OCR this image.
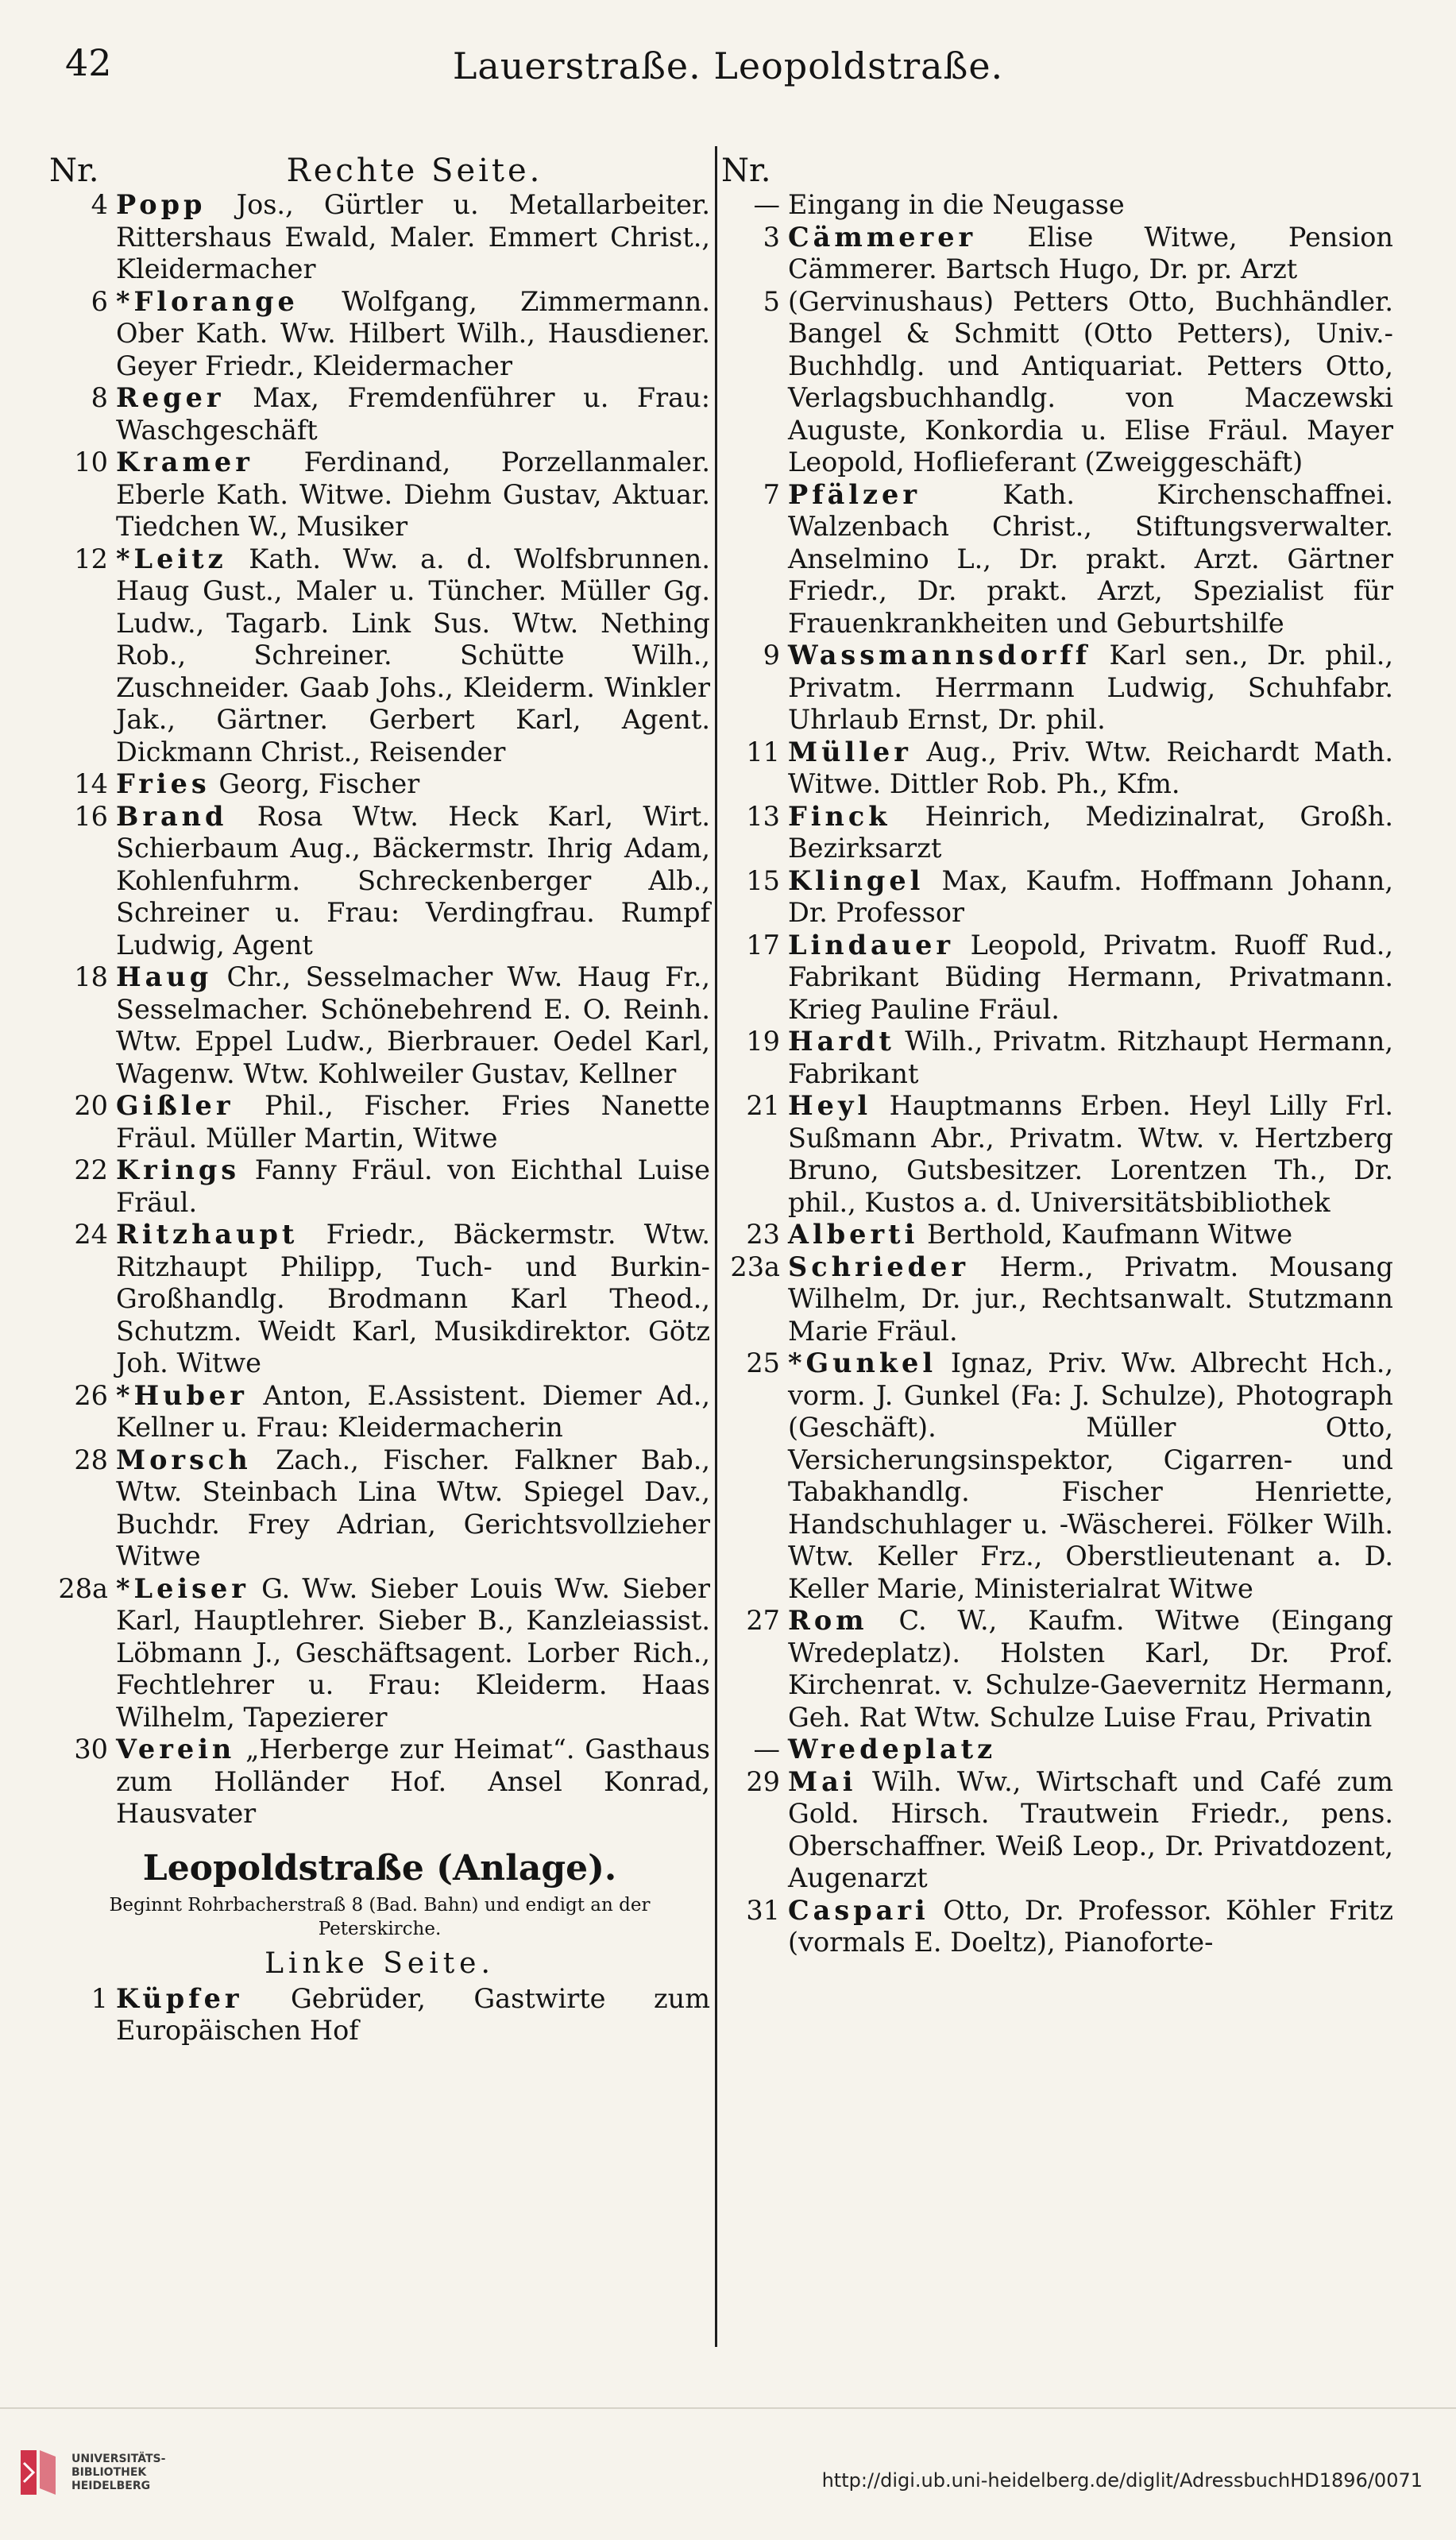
42	Lauerstraße. Leopoldstraße.
Nr.	Rechte Seite.
4 Popp Jos., Gürtler u. Metallarbeiter. Rittershaus Ewald, Maler. Emmert Christ., Kleidermacher
6 *Florange Wolfgang, Zimmermann. Ober Kath. Ww. Hilbert Wilh., Hausdiener. Geyer Friedr., Kleidermacher
8 Reger Max, Fremdenführer u. Frau: Waschgeschäft
10 Kramer Ferdinand, Porzellanmaler. Eberle Kath. Witwe. Diehm Gustav, Aktuar. Tiedchen W., Musiker
12 *Leitz Kath. Ww. a. d. Wolfsbrunnen. Haug Gust., Maler u. Tüncher. Müller Gg. Ludw., Tagarb. Link Sus. Wtw. Nething Rob., Schreiner. Schütte Wilh., Zuschneider. Gaab Johs., Kleiderm. Winkler Jak., Gärtner. Gerbert Karl, Agent. Dickmann Christ., Reisender
14 Fries Georg, Fischer
16 Brand Rosa Wtw. Heck Karl, Wirt. Schierbaum Aug., Bäckermstr. Ihrig Adam, Kohlenfuhrm. Schreckenberger Alb., Schreiner u. Frau: Verdingfrau. Rumpf Ludwig, Agent
18 Haug Chr., Sesselmacher Ww. Haug Fr., Sesselmacher. Schönebehrend E. O. Reinh. Wtw. Eppel Ludw., Bierbrauer. Oedel Karl, Wagenw. Wtw. Kohlweiler Gustav, Kellner
20 Gißler Phil., Fischer. Fries Nanette Fräul. Müller Martin, Witwe
22 Krings Fanny Fräul. von Eichthal Luise Fräul.
24 Ritzhaupt Friedr., Bäckermstr. Wtw. Ritzhaupt Philipp, Tuch- und Burkin-Großhandlg. Brodmann Karl Theod., Schutzm. Weidt Karl, Musikdirektor. Götz Joh. Witwe
26 *Huber Anton, E.Assistent. Diemer Ad., Kellner u. Frau: Kleidermacherin
28 Morsch Zach., Fischer. Falkner Bab., Wtw. Steinbach Lina Wtw. Spiegel Dav., Buchdr. Frey Adrian, Gerichtsvollzieher Witwe
28a *Leiser G. Ww. Sieber Louis Ww. Sieber Karl, Hauptlehrer. Sieber B., Kanzleiassist. Löbmann J., Geschäftsagent. Lorber Rich., Fechtlehrer u. Frau: Kleiderm. Haas Wilhelm, Tapezierer
30 Verein „Herberge zur Heimat“. Gasthaus zum Holländer Hof. Ansel Konrad, Hausvater
Leopoldstraße (Anlage).
Beginnt Rohrbacherstraß 8 (Bad. Bahn) und endigt an der Peterskirche.
Linke Seite.
1 Küpfer Gebrüder, Gastwirte zum Europäischen Hof
Nr.
— Eingang in die Neugasse
3 Cämmerer Elise Witwe, Pension Cämmerer. Bartsch Hugo, Dr. pr. Arzt
5 (Gervinushaus) Petters Otto, Buchhändler. Bangel & Schmitt (Otto Petters), Univ.-Buchhdlg. und Antiquariat. Petters Otto, Verlagsbuchhandlg. von Maczewski Auguste, Konkordia u. Elise Fräul. Mayer Leopold, Hoflieferant (Zweiggeschäft)
7 Pfälzer	Kath. Kirchenschaffnei. Walzenbach Christ., Stiftungsverwalter. Anselmino L., Dr. prakt. Arzt. Gärtner Friedr., Dr. prakt. Arzt, Spezialist für Frauenkrankheiten und Geburtshilfe
9 Wassmannsdorff Karl sen., Dr. phil., Privatm. Herrmann Ludwig, Schuhfabr. Uhrlaub Ernst, Dr. phil.
11 Müller Aug., Priv. Wtw. Reichardt Math. Witwe. Dittler Rob. Ph., Kfm.
13 Finck Heinrich, Medizinalrat, Großh. Bezirksarzt
15 Klingel Max, Kaufm. Hoffmann Johann, Dr. Professor
17 Lindauer Leopold, Privatm. Ruoff Rud., Fabrikant Büding Hermann, Privatmann. Krieg Pauline Fräul.
19 Hardt Wilh., Privatm. Ritzhaupt Hermann, Fabrikant
21 Heyl Hauptmanns Erben. Heyl Lilly Frl. Sußmann Abr., Privatm. Wtw. v. Hertzberg Bruno, Gutsbesitzer. Lorentzen Th., Dr. phil., Kustos a. d. Universitätsbibliothek
23 Alberti Berthold, Kaufmann Witwe
23a Schrieder Herm., Privatm. Mousang Wilhelm, Dr. jur., Rechtsanwalt. Stutzmann Marie Fräul.
25 *Gunkel Ignaz, Priv. Ww. Albrecht Hch., vorm. J. Gunkel (Fa: J. Schulze), Photograph (Geschäft). Müller Otto, Versicherungsinspektor, Cigarren- und Tabakhandlg. Fischer Henriette, Handschuhlager u. -Wäscherei. Fölker Wilh. Wtw. Keller Frz., Oberstlieutenant a. D. Keller Marie, Ministerialrat Witwe
27 Rom C. W., Kaufm. Witwe (Eingang Wredeplatz). Holsten Karl, Dr. Prof. Kirchenrat. v. Schulze-Gaevernitz Hermann, Geh. Rat Wtw. Schulze Luise Frau, Privatin
— Wredeplatz
29 Mai Wilh. Ww., Wirtschaft und Café zum Gold. Hirsch. Trautwein Friedr., pens. Oberschaffner. Weiß Leop., Dr. Privatdozent, Augenarzt
31 Caspari Otto, Dr. Professor. Köhler Fritz (vormals E. Doeltz), Pianoforte-
UNIVERSITÄTS-
BIBLIOTHEK
HEIDELBERG	http://digi.ub.uni-heidelberg.de/diglit/AdressbuchHD1896/0071
